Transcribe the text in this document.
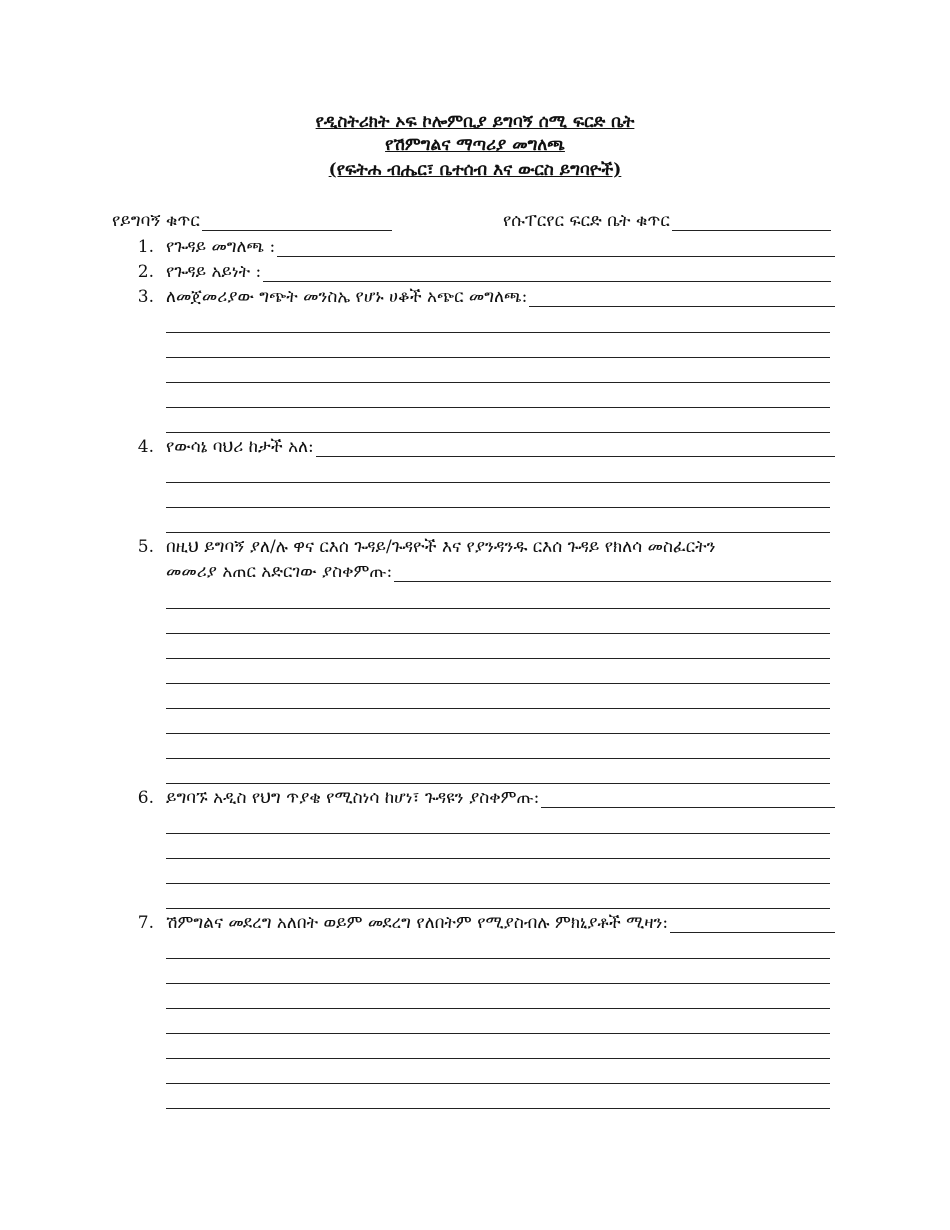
የዲስትሪክት ኦፍ ኮሎምቢያ ይግባኝ ሰሚ ፍርድ ቤት
የሽምግልና ማጣሪያ መግለጫ
(የፍትሐ ብሔር፣ ቤተሰብ እና ውርስ ይግባዮች)
የይግባኝ ቁጥር	የሱፐርየር ፍርድ ቤት ቁጥር
1. የጉዳይ መግለጫ :
2. የጉዳይ አይነት :
3. ለመጀመሪያው ግጭት መንስኤ የሆኑ ሀቆች አጭር መግለጫ:
4. የውሳኔ ባህሪ ከታች አለ:
5. በዚህ ይግባኝ ያለ/ሉ ዋና ርእሰ ጉዳይ/ጉዳዮች እና የያንዳንዱ ርእሰ ጉዳይ የክለሳ መስፈርትን
መመሪያ አጠር አድርገው ያስቀምጡ:
6. ይግባኙ አዲስ የህግ ጥያቄ የሚስነሳ ከሆነ፣ ጉዳዩን ያስቀምጡ:
7. ሽምግልና መደረግ አለበት ወይም መደረግ የለበትም የሚያስብሉ ምክኒያቶች ሚዛን:
